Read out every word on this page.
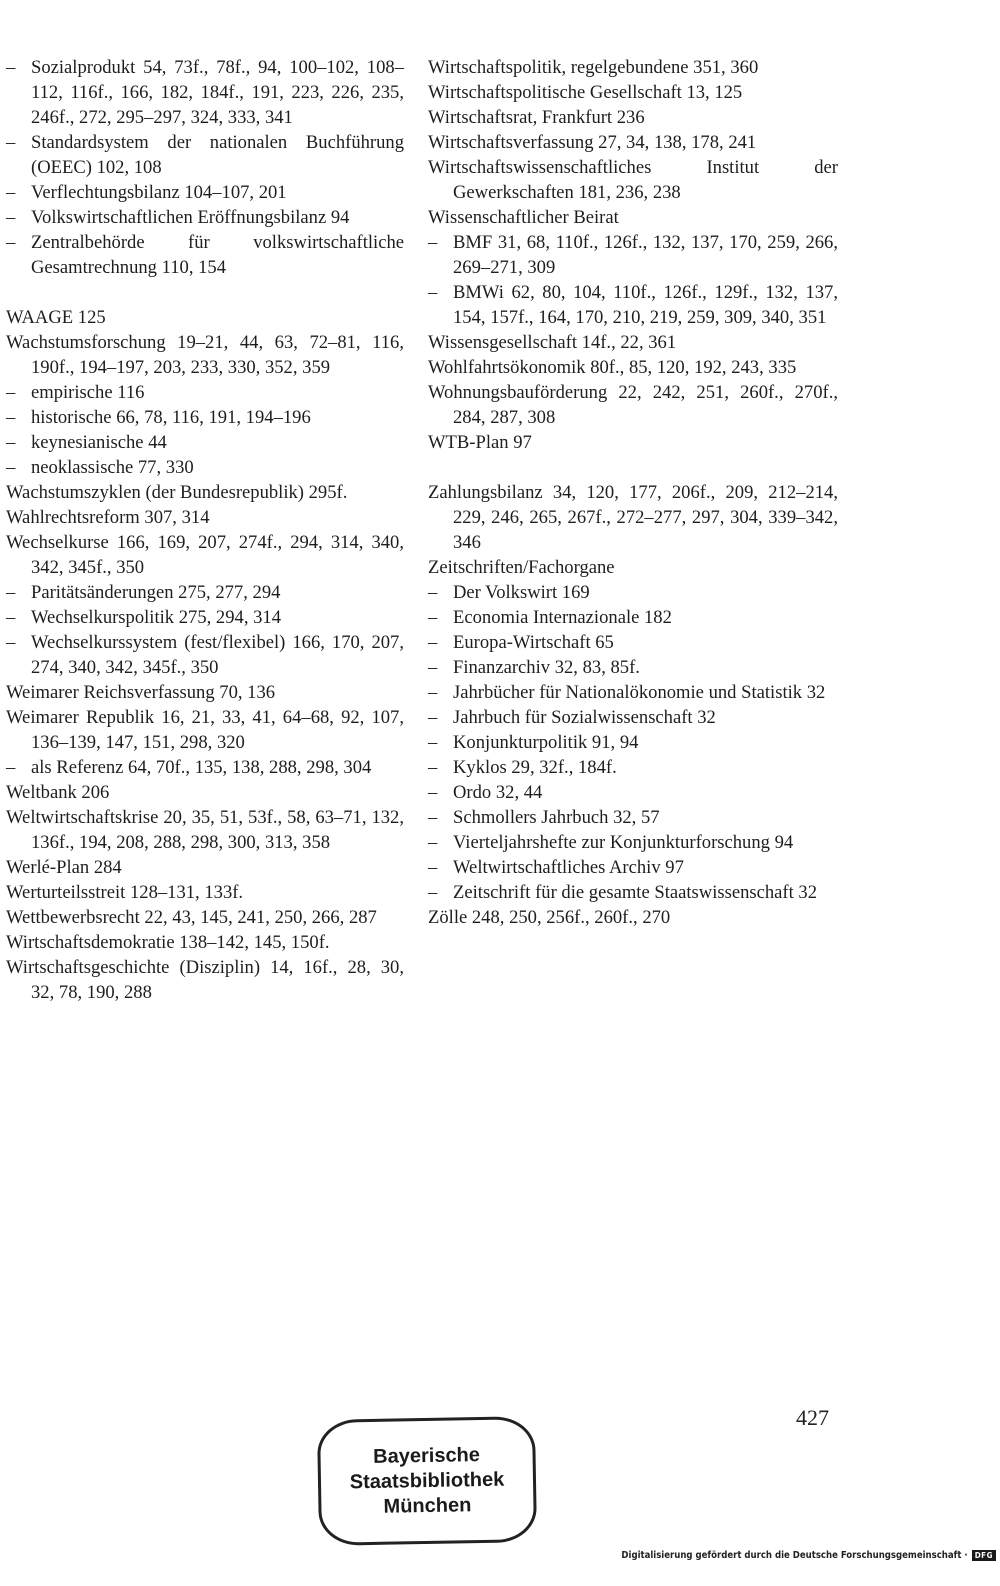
– Sozialprodukt 54, 73f., 78f., 94, 100–102, 108–112, 116f., 166, 182, 184f., 191, 223, 226, 235, 246f., 272, 295–297, 324, 333, 341
– Standardsystem der nationalen Buchführung (OEEC) 102, 108
– Verflechtungsbilanz 104–107, 201
– Volkswirtschaftlichen Eröffnungsbilanz 94
– Zentralbehörde für volkswirtschaftliche Gesamtrechnung 110, 154
WAAGE 125
Wachstumsforschung 19–21, 44, 63, 72–81, 116, 190f., 194–197, 203, 233, 330, 352, 359
– empirische 116
– historische 66, 78, 116, 191, 194–196
– keynesianische 44
– neoklassische 77, 330
Wachstumszyklen (der Bundesrepublik) 295f.
Wahlrechtsreform 307, 314
Wechselkurse 166, 169, 207, 274f., 294, 314, 340, 342, 345f., 350
– Paritätsänderungen 275, 277, 294
– Wechselkurspolitik 275, 294, 314
– Wechselkurssystem (fest/flexibel) 166, 170, 207, 274, 340, 342, 345f., 350
Weimarer Reichsverfassung 70, 136
Weimarer Republik 16, 21, 33, 41, 64–68, 92, 107, 136–139, 147, 151, 298, 320
– als Referenz 64, 70f., 135, 138, 288, 298, 304
Weltbank 206
Weltwirtschaftskrise 20, 35, 51, 53f., 58, 63–71, 132, 136f., 194, 208, 288, 298, 300, 313, 358
Werlé-Plan 284
Werturteilsstreit 128–131, 133f.
Wettbewerbsrecht 22, 43, 145, 241, 250, 266, 287
Wirtschaftsdemokratie 138–142, 145, 150f.
Wirtschaftsgeschichte (Disziplin) 14, 16f., 28, 30, 32, 78, 190, 288
Wirtschaftspolitik, regelgebundene 351, 360
Wirtschaftspolitische Gesellschaft 13, 125
Wirtschaftsrat, Frankfurt 236
Wirtschaftsverfassung 27, 34, 138, 178, 241
Wirtschaftswissenschaftliches Institut der Gewerkschaften 181, 236, 238
Wissenschaftlicher Beirat
– BMF 31, 68, 110f., 126f., 132, 137, 170, 259, 266, 269–271, 309
– BMWi 62, 80, 104, 110f., 126f., 129f., 132, 137, 154, 157f., 164, 170, 210, 219, 259, 309, 340, 351
Wissensgesellschaft 14f., 22, 361
Wohlfahrtsökonomik 80f., 85, 120, 192, 243, 335
Wohnungsbauförderung 22, 242, 251, 260f., 270f., 284, 287, 308
WTB-Plan 97
Zahlungsbilanz 34, 120, 177, 206f., 209, 212–214, 229, 246, 265, 267f., 272–277, 297, 304, 339–342, 346
Zeitschriften/Fachorgane
– Der Volkswirt 169
– Economia Internazionale 182
– Europa-Wirtschaft 65
– Finanzarchiv 32, 83, 85f.
– Jahrbücher für Nationalökonomie und Statistik 32
– Jahrbuch für Sozialwissenschaft 32
– Konjunkturpolitik 91, 94
– Kyklos 29, 32f., 184f.
– Ordo 32, 44
– Schmollers Jahrbuch 32, 57
– Vierteljahrshefte zur Konjunkturforschung 94
– Weltwirtschaftliches Archiv 97
– Zeitschrift für die gesamte Staatswissenschaft 32
Zölle 248, 250, 256f., 260f., 270
427
Bayerische
Staatsbibliothek
München
Digitalisierung gefördert durch die Deutsche Forschungsgemeinschaft · DFG
